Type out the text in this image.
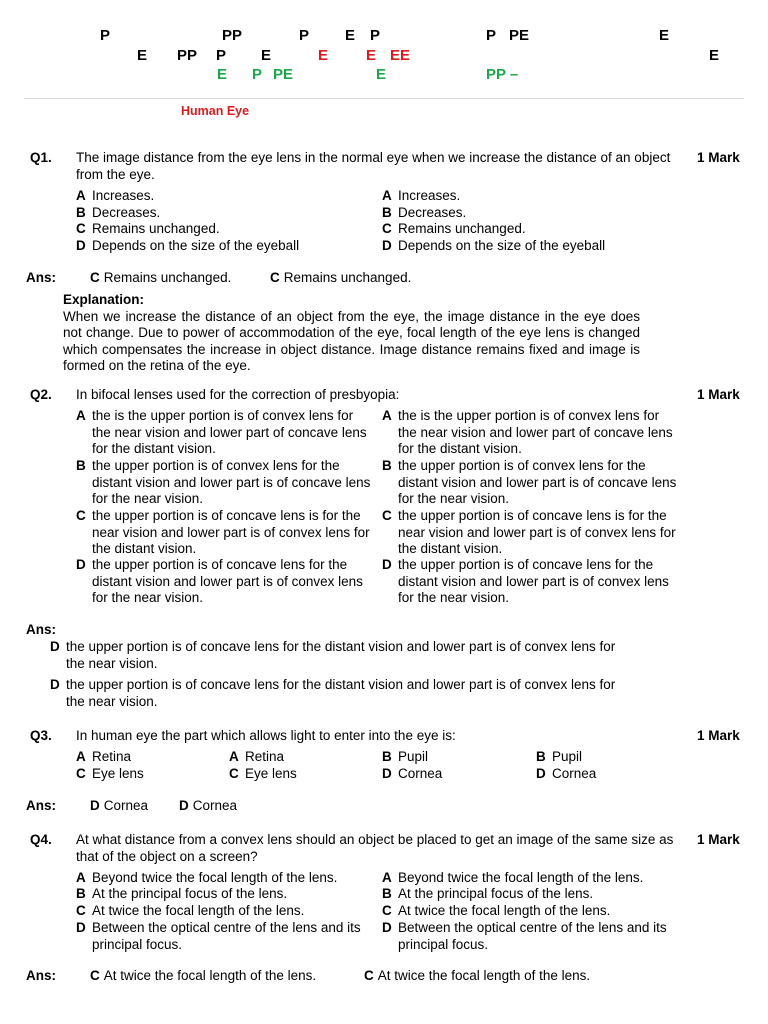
P	PP	P E P	P PE	E
E PP P E	E	E EE	E
E P PE	E	PP –
Human Eye
Q1. The image distance from the eye lens in the normal eye when we increase the distance of an object from the eye.
1 Mark
A Increases.
B Decreases.
C Remains unchanged.
D Depends on the size of the eyeball
A Increases.
B Decreases.
C Remains unchanged.
D Depends on the size of the eyeball
Ans:	C Remains unchanged.	C Remains unchanged.
Explanation:
When we increase the distance of an object from the eye, the image distance in the eye does not change. Due to power of accommodation of the eye, focal length of the eye lens is changed which compensates the increase in object distance. Image distance remains fixed and image is formed on the retina of the eye.
Q2. In bifocal lenses used for the correction of presbyopia:	1 Mark
A the is the upper portion is of convex lens for the near vision and lower part of concave lens for the distant vision.
B the upper portion is of convex lens for the distant vision and lower part is of concave lens for the near vision.
C the upper portion is of concave lens is for the near vision and lower part is of convex lens for the distant vision.
D the upper portion is of concave lens for the distant vision and lower part is of convex lens for the near vision.
A the is the upper portion is of convex lens for the near vision and lower part of concave lens for the distant vision.
B the upper portion is of convex lens for the distant vision and lower part is of concave lens for the near vision.
C the upper portion is of concave lens is for the near vision and lower part is of convex lens for the distant vision.
D the upper portion is of concave lens for the distant vision and lower part is of convex lens for the near vision.
Ans:
D the upper portion is of concave lens for the distant vision and lower part is of convex lens for the near vision.
D the upper portion is of concave lens for the distant vision and lower part is of convex lens for the near vision.
Q3. In human eye the part which allows light to enter into the eye is:	1 Mark
A Retina	A Retina	B Pupil	B Pupil
C Eye lens	C Eye lens	D Cornea	D Cornea
Ans:	D Cornea D Cornea
Q4. At what distance from a convex lens should an object be placed to get an image of the same size as that of the object on a screen?
1 Mark
A Beyond twice the focal length of the lens.
B At the principal focus of the lens.
C At twice the focal length of the lens.
D Between the optical centre of the lens and its principal focus.
A Beyond twice the focal length of the lens.
B At the principal focus of the lens.
C At twice the focal length of the lens.
D Between the optical centre of the lens and its principal focus.
Ans:	C At twice the focal length of the lens.	C At twice the focal length of the lens.
